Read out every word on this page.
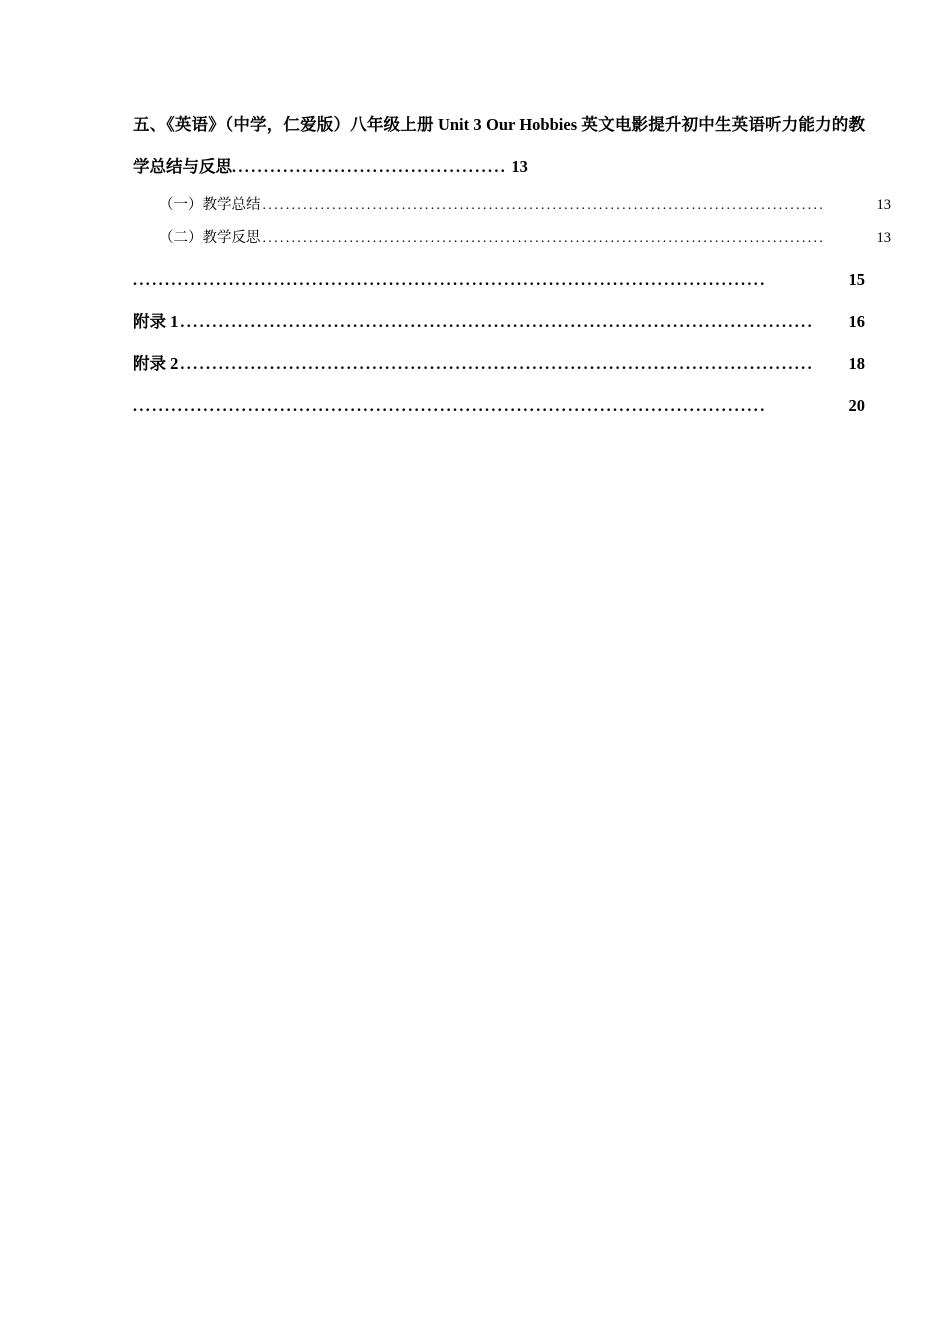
五、《英语》（中学，仁爱版）八年级上册 Unit 3 Our Hobbies 英文电影提升初中生英语听力能力的教学总结与反思........................................... 13
（一）教学总结 .................................................................................................	13
（二）教学反思 .................................................................................................	13
...................................................................................................	15
附录 1 ...................................................................................................	16
附录 2 ...................................................................................................	18
...................................................................................................	20
